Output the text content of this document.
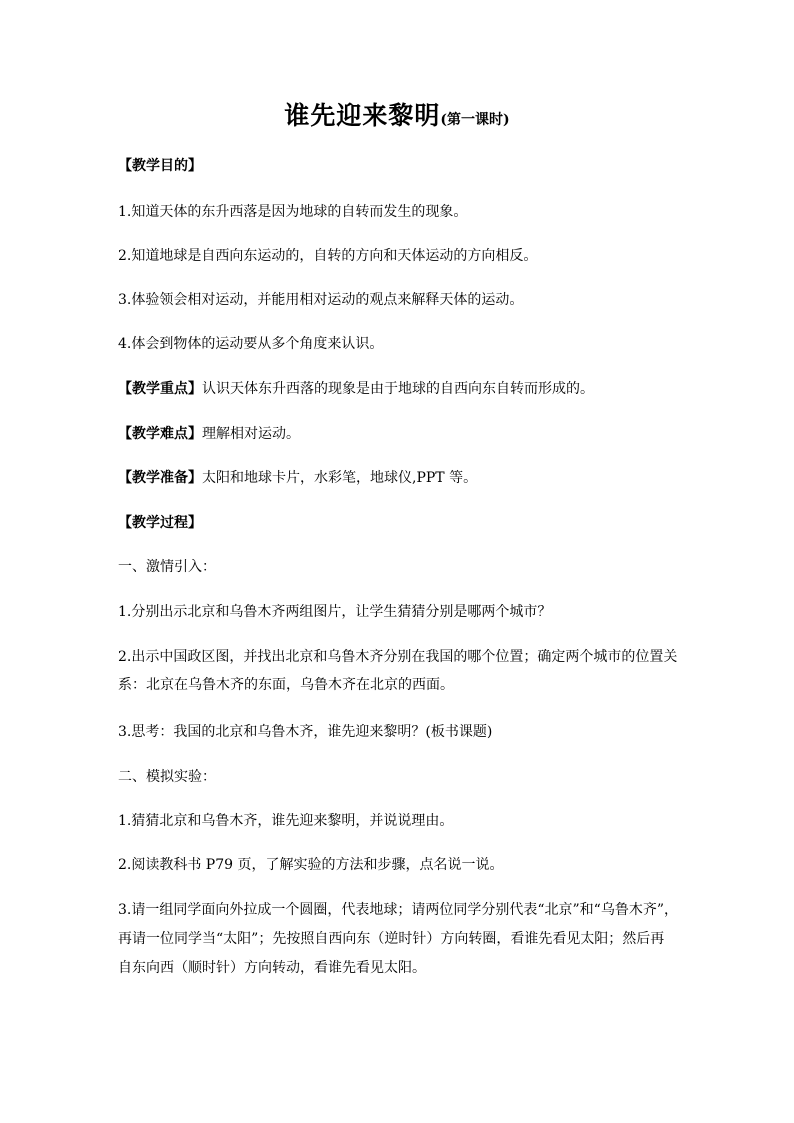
谁先迎来黎明(第一课时)
【教学目的】
1.知道天体的东升西落是因为地球的自转而发生的现象。
2.知道地球是自西向东运动的，自转的方向和天体运动的方向相反。
3.体验领会相对运动，并能用相对运动的观点来解释天体的运动。
4.体会到物体的运动要从多个角度来认识。
【教学重点】认识天体东升西落的现象是由于地球的自西向东自转而形成的。
【教学难点】理解相对运动。
【教学准备】太阳和地球卡片，水彩笔，地球仪,PPT 等。
【教学过程】
一、激情引入：
1.分别出示北京和乌鲁木齐两组图片，让学生猜猜分别是哪两个城市？
2.出示中国政区图，并找出北京和乌鲁木齐分别在我国的哪个位置；确定两个城市的位置关系：北京在乌鲁木齐的东面，乌鲁木齐在北京的西面。
3.思考：我国的北京和乌鲁木齐，谁先迎来黎明？(板书课题)
二、模拟实验：
1.猜猜北京和乌鲁木齐，谁先迎来黎明，并说说理由。
2.阅读教科书 P79 页，了解实验的方法和步骤，点名说一说。
3.请一组同学面向外拉成一个圆圈，代表地球；请两位同学分别代表“北京”和“乌鲁木齐”，再请一位同学当“太阳”；先按照自西向东（逆时针）方向转圈，看谁先看见太阳；然后再自东向西（顺时针）方向转动，看谁先看见太阳。
